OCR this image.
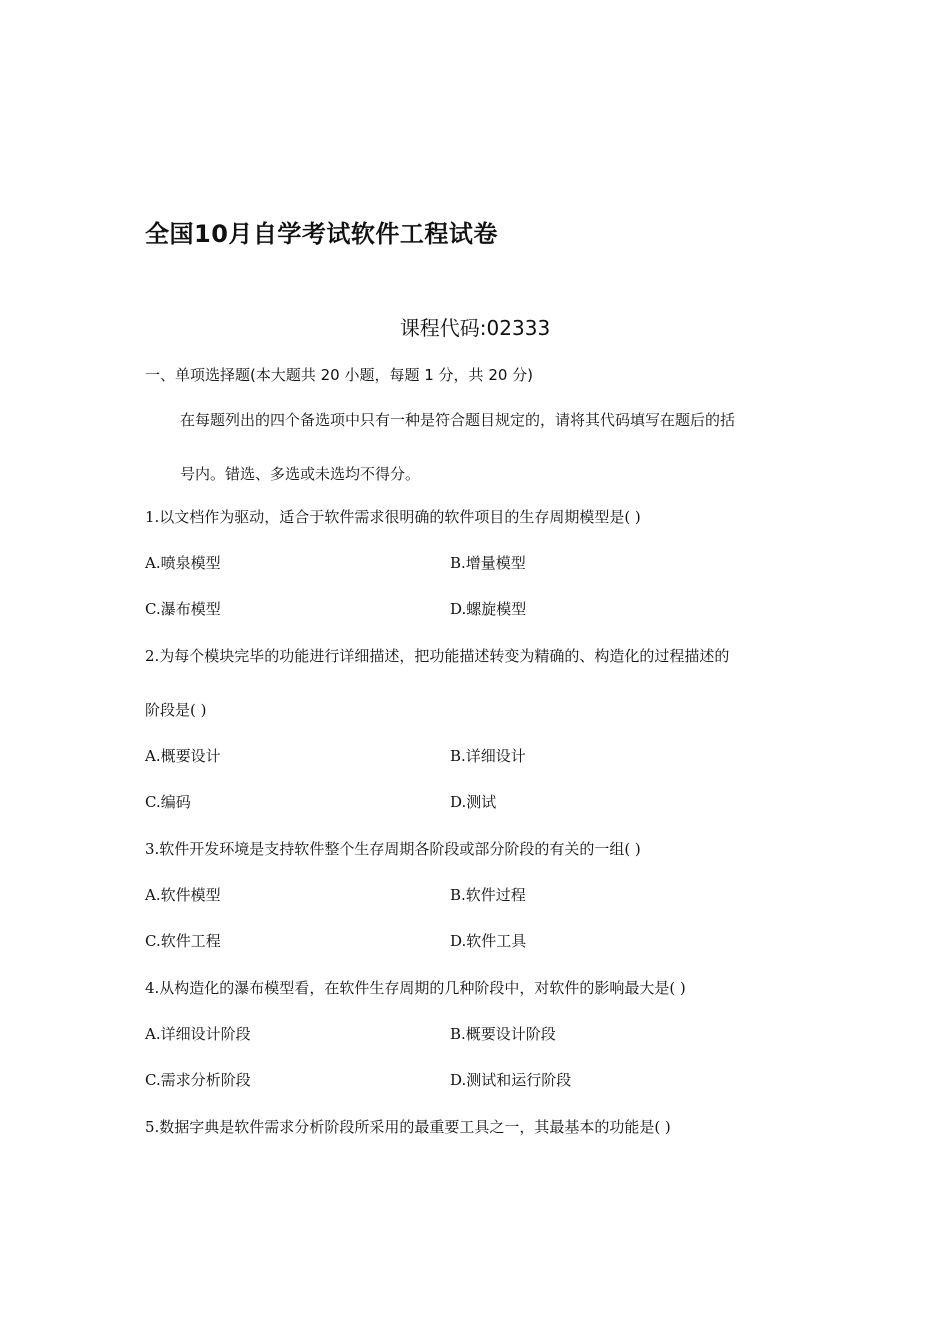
全国10月自学考试软件工程试卷
课程代码:02333
一、单项选择题(本大题共 20 小题，每题 1 分，共 20 分)
在每题列出的四个备选项中只有一种是符合题目规定的，请将其代码填写在题后的括
号内。错选、多选或未选均不得分。
1.以文档作为驱动，适合于软件需求很明确的软件项目的生存周期模型是( )
A.喷泉模型	B.增量模型
C.瀑布模型	D.螺旋模型
2.为每个模块完毕的功能进行详细描述，把功能描述转变为精确的、构造化的过程描述的
阶段是( )
A.概要设计	B.详细设计
C.编码	D.测试
3.软件开发环境是支持软件整个生存周期各阶段或部分阶段的有关的一组( )
A.软件模型	B.软件过程
C.软件工程	D.软件工具
4.从构造化的瀑布模型看，在软件生存周期的几种阶段中，对软件的影响最大是( )
A.详细设计阶段	B.概要设计阶段
C.需求分析阶段	D.测试和运行阶段
5.数据字典是软件需求分析阶段所采用的最重要工具之一，其最基本的功能是( )
